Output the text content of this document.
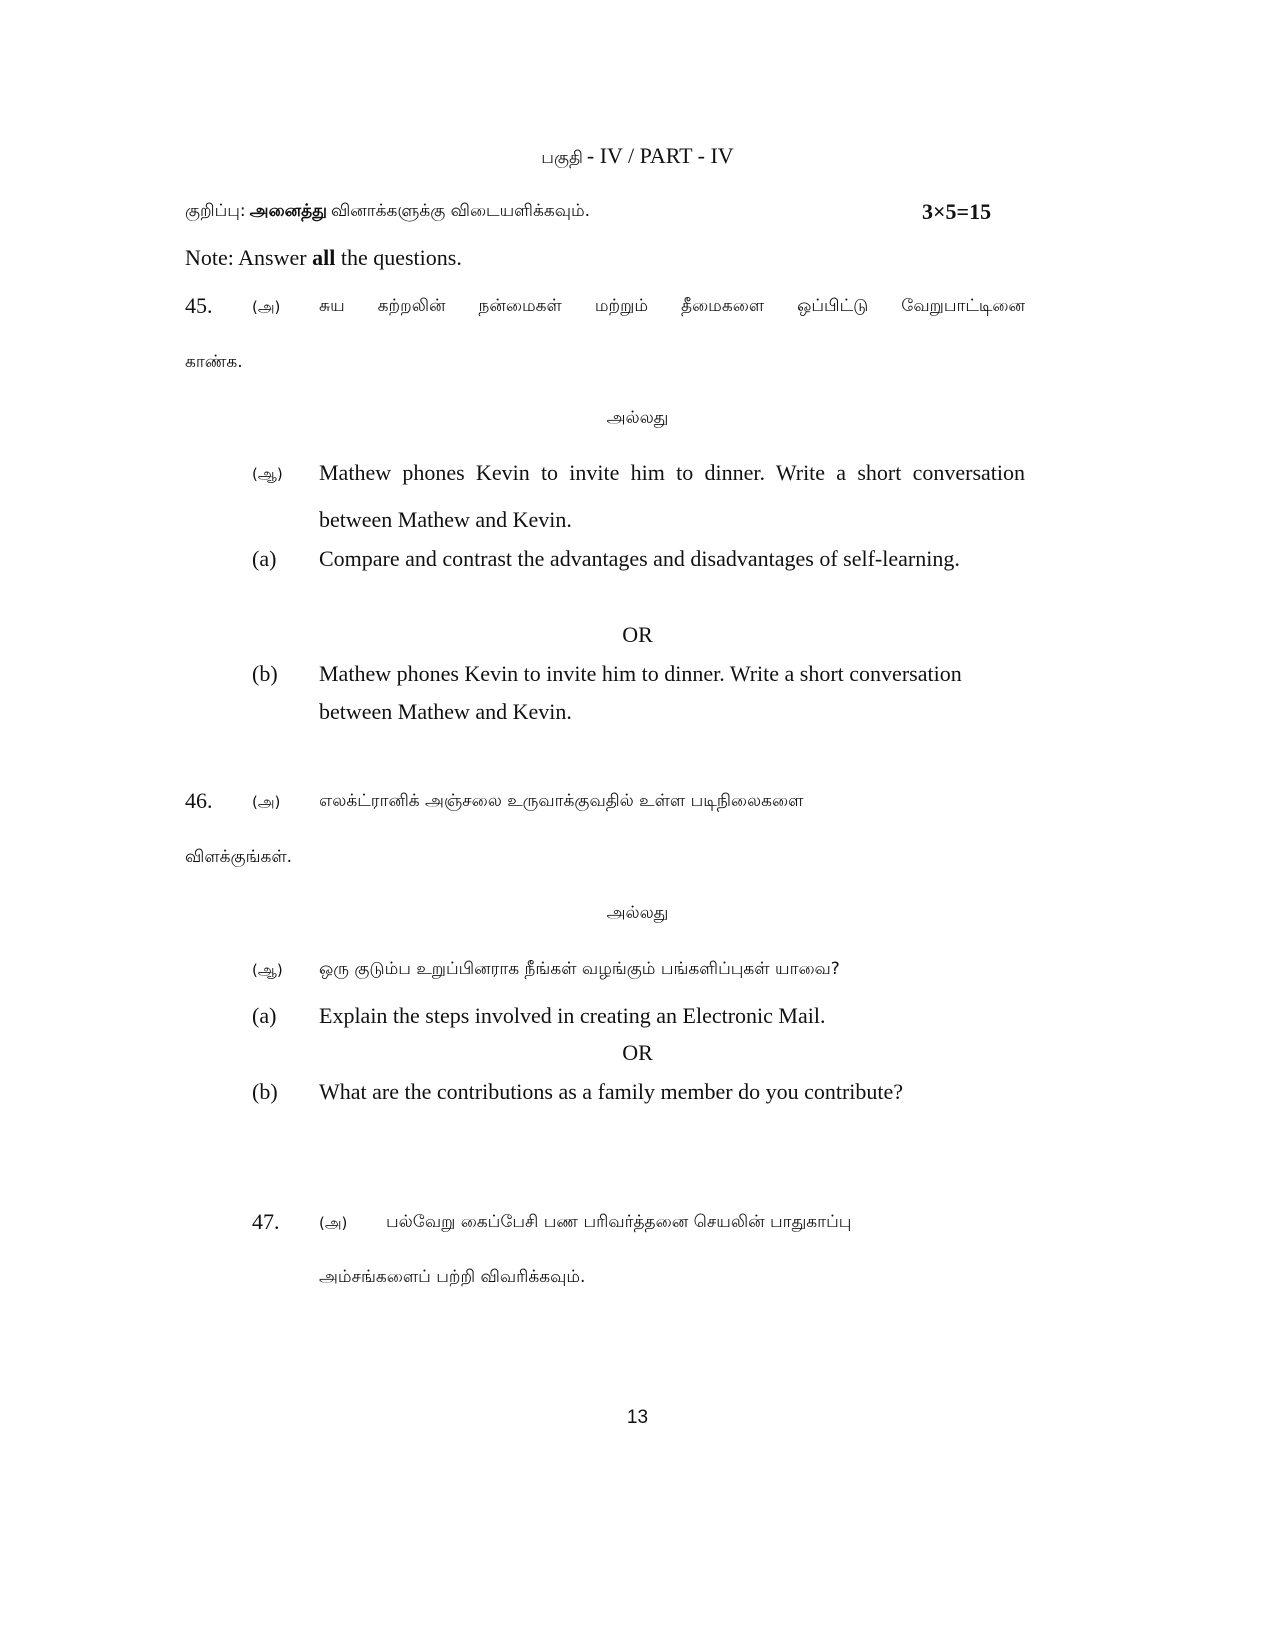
பகுதி - IV / PART - IV
குறிப்பு: அனைத்து வினாக்களுக்கு விடையளிக்கவும்.	3×5=15
Note: Answer all the questions.
45.	(அ) சுய கற்றலின் நன்மைகள் மற்றும் தீமைகளை ஒப்பிட்டு வேறுபாட்டினை
காண்க.
அல்லது
(ஆ) Mathew phones Kevin to invite him to dinner. Write a short conversation
between Mathew and Kevin.
(a) Compare and contrast the advantages and disadvantages of self-learning.
OR
(b) Mathew phones Kevin to invite him to dinner. Write a short conversation
between Mathew and Kevin.
46.	(அ) எலக்ட்ரானிக் அஞ்சலை உருவாக்குவதில் உள்ள படிநிலைகளை
விளக்குங்கள்.
அல்லது
(ஆ) ஒரு குடும்ப உறுப்பினராக நீங்கள் வழங்கும் பங்களிப்புகள் யாவை?
(a) Explain the steps involved in creating an Electronic Mail.
OR
(b) What are the contributions as a family member do you contribute?
47.	(அ) பல்வேறு கைப்பேசி பண பரிவர்த்தனை செயலின் பாதுகாப்பு
அம்சங்களைப் பற்றி விவரிக்கவும்.
13
